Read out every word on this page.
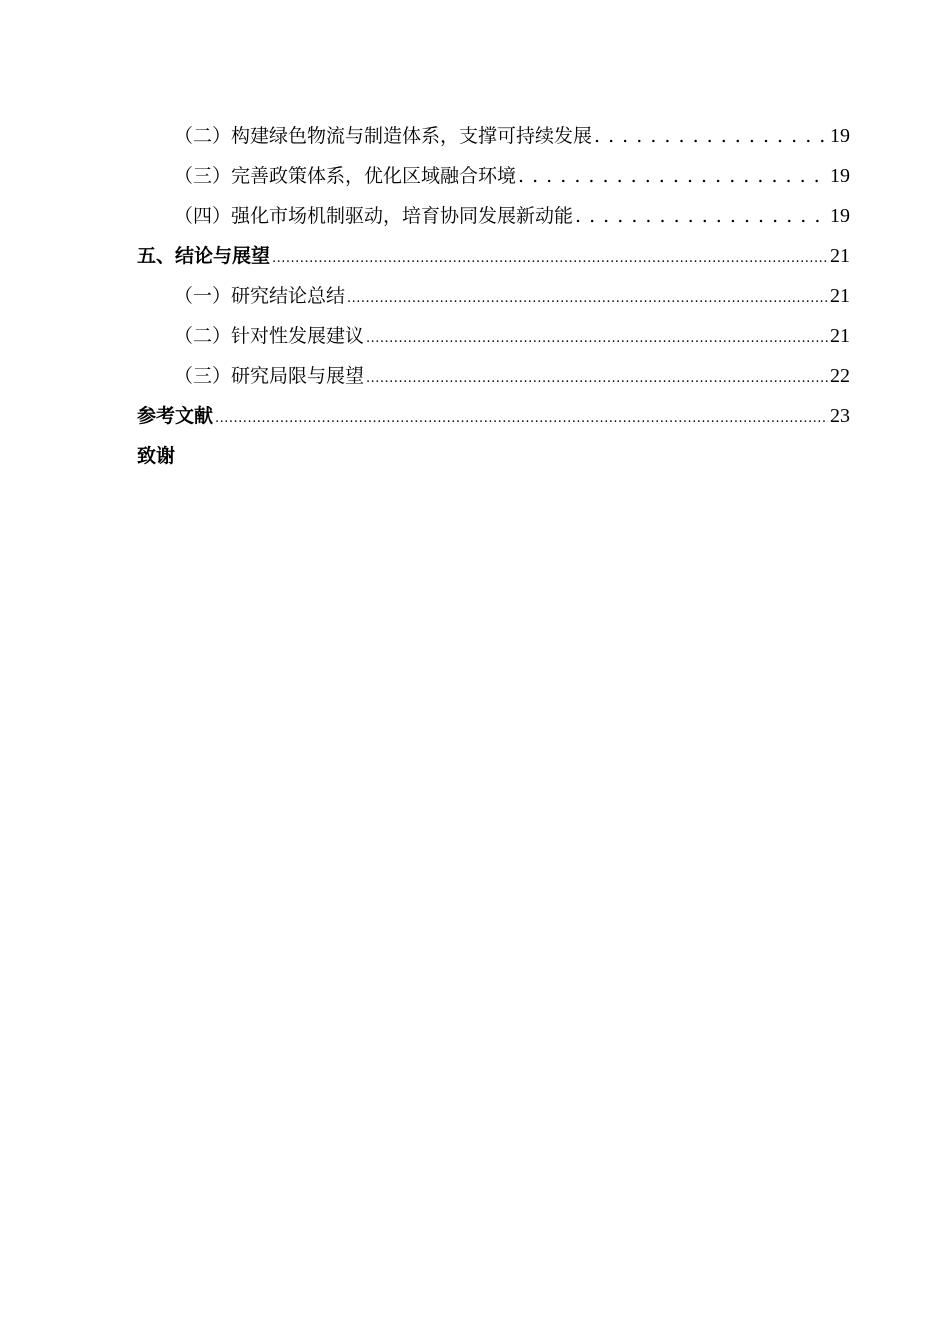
（二）构建绿色物流与制造体系，支撑可持续发展 . . .	19
（三）完善政策体系，优化区域融合环境 . . .	19
（四）强化市场机制驱动，培育协同发展新动能 . . .	19
五、结论与展望 .....	21
（一）研究结论总结 .....	21
（二）针对性发展建议 .....	21
（三）研究局限与展望 .....	22
参考文献 .....	23
致谢
